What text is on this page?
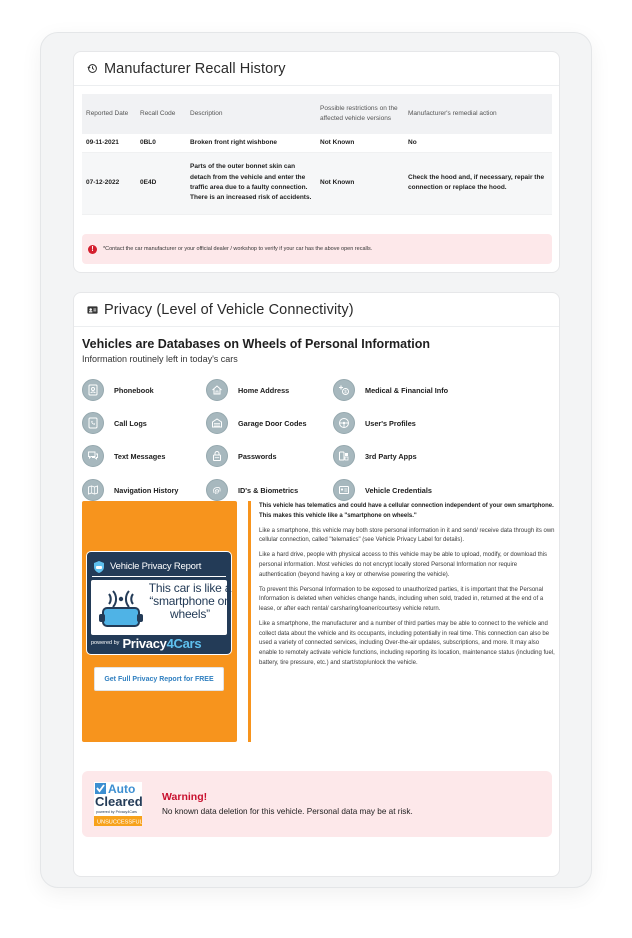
Manufacturer Recall History
Reported Date	Recall Code	Description	Possible restrictions on the affected vehicle versions	Manufacturer's remedial action
09-11-2021	0BL0	Broken front right wishbone	Not Known	No
07-12-2022	0E4D	Parts of the outer bonnet skin can detach from the vehicle and enter the traffic area due to a faulty connection. There is an increased risk of accidents.	Not Known	Check the hood and, if necessary, repair the connection or replace the hood.
!	*Contact the car manufacturer or your official dealer / workshop to verify if your car has the above open recalls.
Privacy (Level of Vehicle Connectivity)
Vehicles are Databases on Wheels of Personal Information
Information routinely left in today's cars
Phonebook	Home Address	$ Medical & Financial Info
Call Logs	Garage Door Codes	User's Profiles
Text Messages	Passwords	3rd Party Apps
Navigation History	ID's & Biometrics	Vehicle Credentials
Vehicle Privacy Report
This car is like a “smartphone on wheels”
powered by Privacy4Cars
Get Full Privacy Report for FREE

This vehicle has telematics and could have a cellular connection independent of your own smartphone. This makes this vehicle like a "smartphone on wheels."

Like a smartphone, this vehicle may both store personal information in it and send/ receive data through its own cellular connection, called "telematics" (see Vehicle Privacy Label for details).

Like a hard drive, people with physical access to this vehicle may be able to upload, modify, or download this personal information. Most vehicles do not encrypt locally stored Personal Information nor require authentication (beyond having a key or otherwise powering the vehicle).

To prevent this Personal Information to be exposed to unauthorized parties, it is important that the Personal Information is deleted when vehicles change hands, including when sold, traded in, returned at the end of a lease, or after each rental/ carsharing/loaner/courtesy vehicle return.

Like a smartphone, the manufacturer and a number of third parties may be able to connect to the vehicle and collect data about the vehicle and its occupants, including potentially in real time. This connection can also be used a variety of connected services, including Over-the-air updates, subscriptions, and more. It may also enable to remotely activate vehicle functions, including reporting its location, maintenance status (including fuel, battery, tire pressure, etc.) and start/stop/unlock the vehicle.

Auto
Cleared
powered by Privacy4Cars
UNSUCCESSFUL
Warning!
No known data deletion for this vehicle. Personal data may be at risk.
